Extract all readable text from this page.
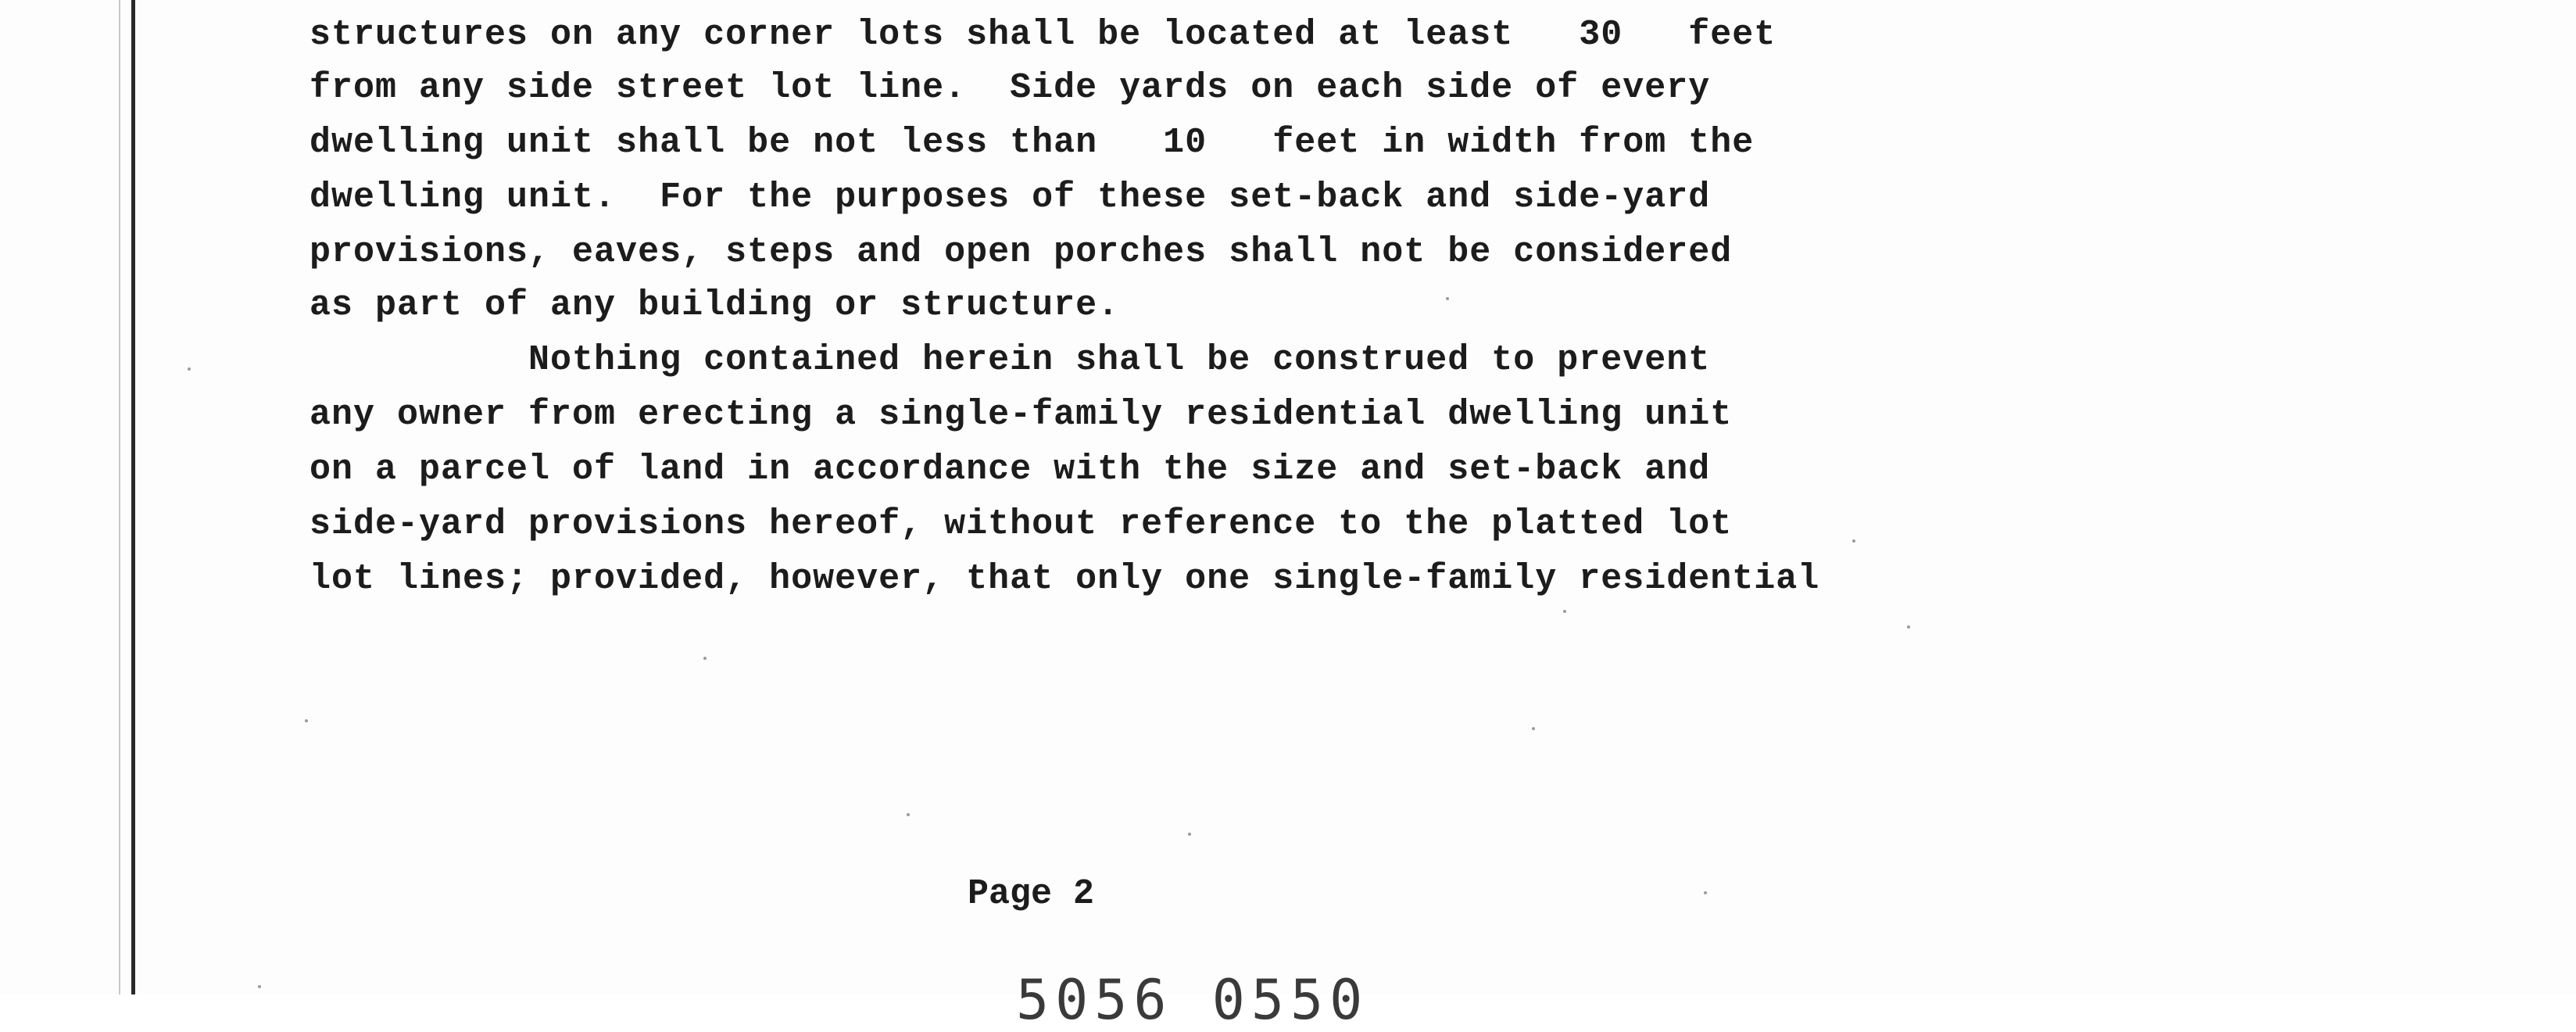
structures on any corner lots shall be located at least   30   feet

from any side street lot line.  Side yards on each side of every

dwelling unit shall be not less than   10   feet in width from the

dwelling unit.  For the purposes of these set-back and side-yard

provisions, eaves, steps and open porches shall not be considered

as part of any building or structure.

Nothing contained herein shall be construed to prevent

any owner from erecting a single-family residential dwelling unit

on a parcel of land in accordance with the size and set-back and

side-yard provisions hereof, without reference to the platted lot

lot lines; provided, however, that only one single-family residential

Page 2
5056 0550
